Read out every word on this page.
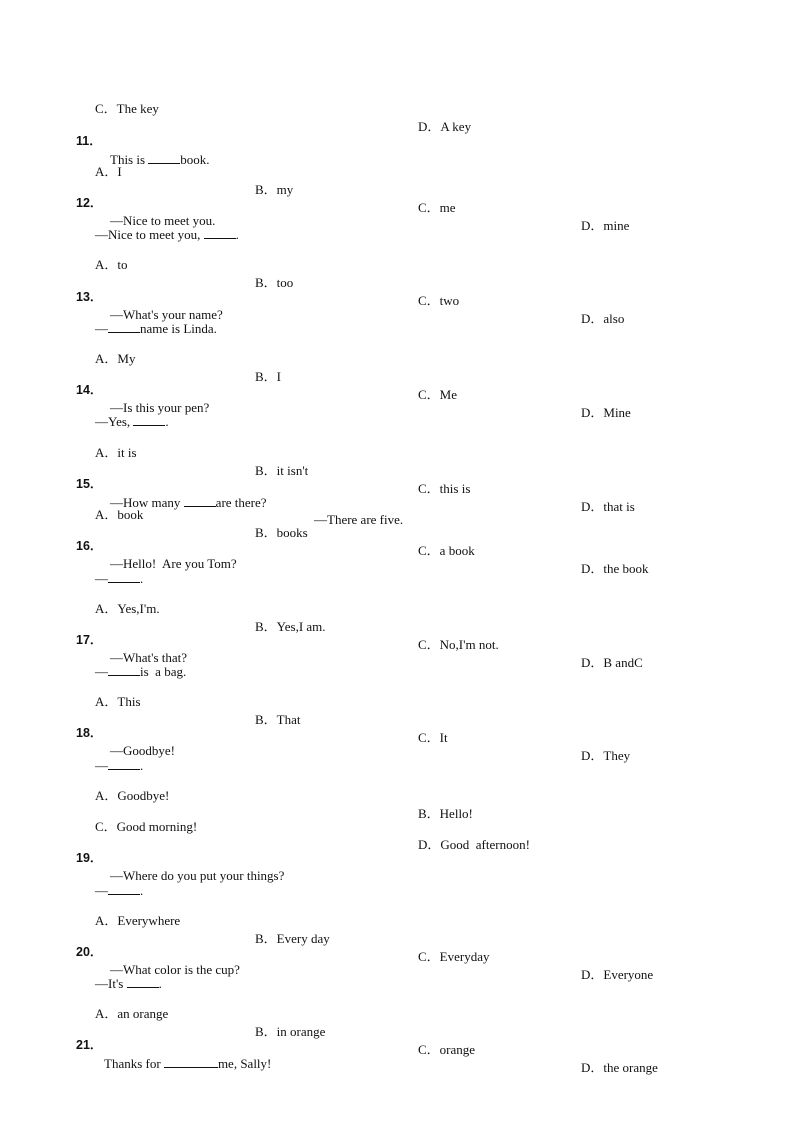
C．The key

D．A key

11．

This is book.

A．I

B．my

C．me

D．mine

12．

—Nice to meet you.

—Nice to meet you, .

A．to

B．too

C．two

D．also

13．

—What's your name?

— name is Linda.

A．My

B．I

C．Me

D．Mine

14．

—Is this your pen?

—Yes, .

A．it is

B．it isn't

C．this is

D．that is

15．

—How many are there?

—There are five.

A．book

B．books

C．a book

D．the book

16．

—Hello!  Are you Tom?

— .

A．Yes,I'm.

B．Yes,I am.

C．No,I'm not.

D．B andC

17．

—What's that?

— is  a bag.

A．This

B．That

C．It

D．They

18．

—Goodbye!

— .

A．Goodbye!

B．Hello!

C．Good morning!

D．Good  afternoon!

19．

—Where do you put your things?

— .

A．Everywhere

B．Every day

C．Everyday

D．Everyone

20．

—What color is the cup?

—It's .

A．an orange

B．in orange

C．orange

D．the orange

21．

Thanks for	me, Sally!
